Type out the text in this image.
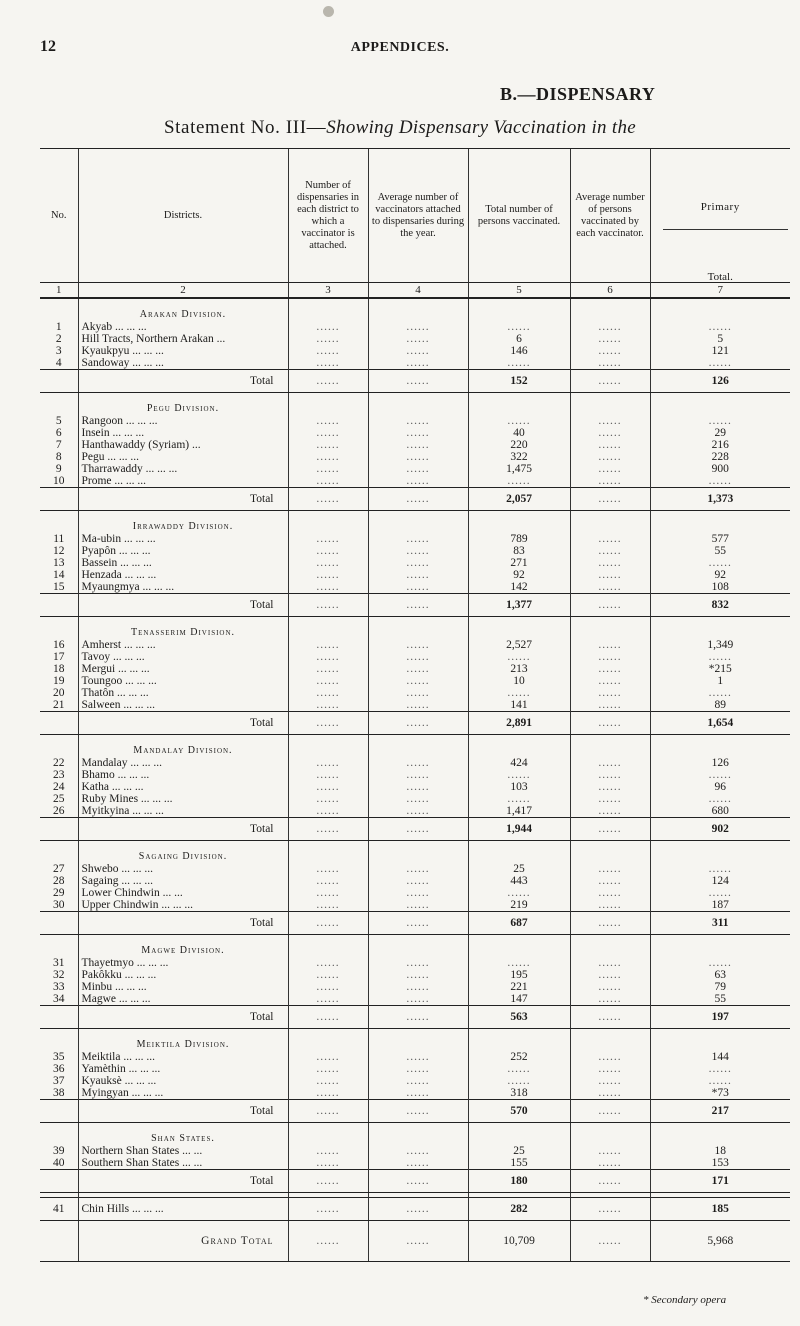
12	APPENDICES.
B.—DISPENSARY
Statement No. III—Showing Dispensary Vaccination in the
No.	Districts.	Number of dispensaries in each district to which a vaccinator is attached.	Average number of vaccinators attached to dispensaries during the year.	Total number of persons vaccinated.	Average number of persons vaccinated by each vaccinator.	Primary
Total.

1	2	3	4	5	6	7
	Arakan Division.					
1	Akyab ... ... ...	......	......	......	......	......
2	Hill Tracts, Northern Arakan ...	......	......	6	......	5
3	Kyaukpyu ... ... ...	......	......	146	......	121
4	Sandoway ... ... ...	......	......	......	......	......
	Total	......	......	152	......	126
	Pegu Division.					
5	Rangoon ... ... ...	......	......	......	......	......
6	Insein ... ... ...	......	......	40	......	29
7	Hanthawaddy (Syriam) ...	......	......	220	......	216
8	Pegu ... ... ...	......	......	322	......	228
9	Tharrawaddy ... ... ...	......	......	1,475	......	900
10	Prome ... ... ...	......	......	......	......	......
	Total	......	......	2,057	......	1,373
	Irrawaddy Division.					
11	Ma-ubin ... ... ...	......	......	789	......	577
12	Pyapôn ... ... ...	......	......	83	......	55
13	Bassein ... ... ...	......	......	271	......	......
14	Henzada ... ... ...	......	......	92	......	92
15	Myaungmya ... ... ...	......	......	142	......	108
	Total	......	......	1,377	......	832
	Tenasserim Division.					
16	Amherst ... ... ...	......	......	2,527	......	1,349
17	Tavoy ... ... ...	......	......	......	......	......
18	Mergui ... ... ...	......	......	213	......	*215
19	Toungoo ... ... ...	......	......	10	......	1
20	Thatôn ... ... ...	......	......	......	......	......
21	Salween ... ... ...	......	......	141	......	89
	Total	......	......	2,891	......	1,654
	Mandalay Division.					
22	Mandalay ... ... ...	......	......	424	......	126
23	Bhamo ... ... ...	......	......	......	......	......
24	Katha ... ... ...	......	......	103	......	96
25	Ruby Mines ... ... ...	......	......	......	......	......
26	Myitkyina ... ... ...	......	......	1,417	......	680
	Total	......	......	1,944	......	902
	Sagaing Division.					
27	Shwebo ... ... ...	......	......	25	......	......
28	Sagaing ... ... ...	......	......	443	......	124
29	Lower Chindwin ... ...	......	......	......	......	......
30	Upper Chindwin ... ... ...	......	......	219	......	187
	Total	......	......	687	......	311
	Magwe Division.					
31	Thayetmyo ... ... ...	......	......	......	......	......
32	Pakôkku ... ... ...	......	......	195	......	63
33	Minbu ... ... ...	......	......	221	......	79
34	Magwe ... ... ...	......	......	147	......	55
	Total	......	......	563	......	197
	Meiktila Division.					
35	Meiktila ... ... ...	......	......	252	......	144
36	Yamèthin ... ... ...	......	......	......	......	......
37	Kyauksè ... ... ...	......	......	......	......	......
38	Myingyan ... ... ...	......	......	318	......	*73
	Total	......	......	570	......	217
	Shan States.					
39	Northern Shan States ... ...	......	......	25	......	18
40	Southern Shan States ... ...	......	......	155	......	153
	Total	......	......	180	......	171

41	Chin Hills ... ... ...	......	......	282	......	185
	Grand Total	......	......	10,709	......	5,968
* Secondary opera
